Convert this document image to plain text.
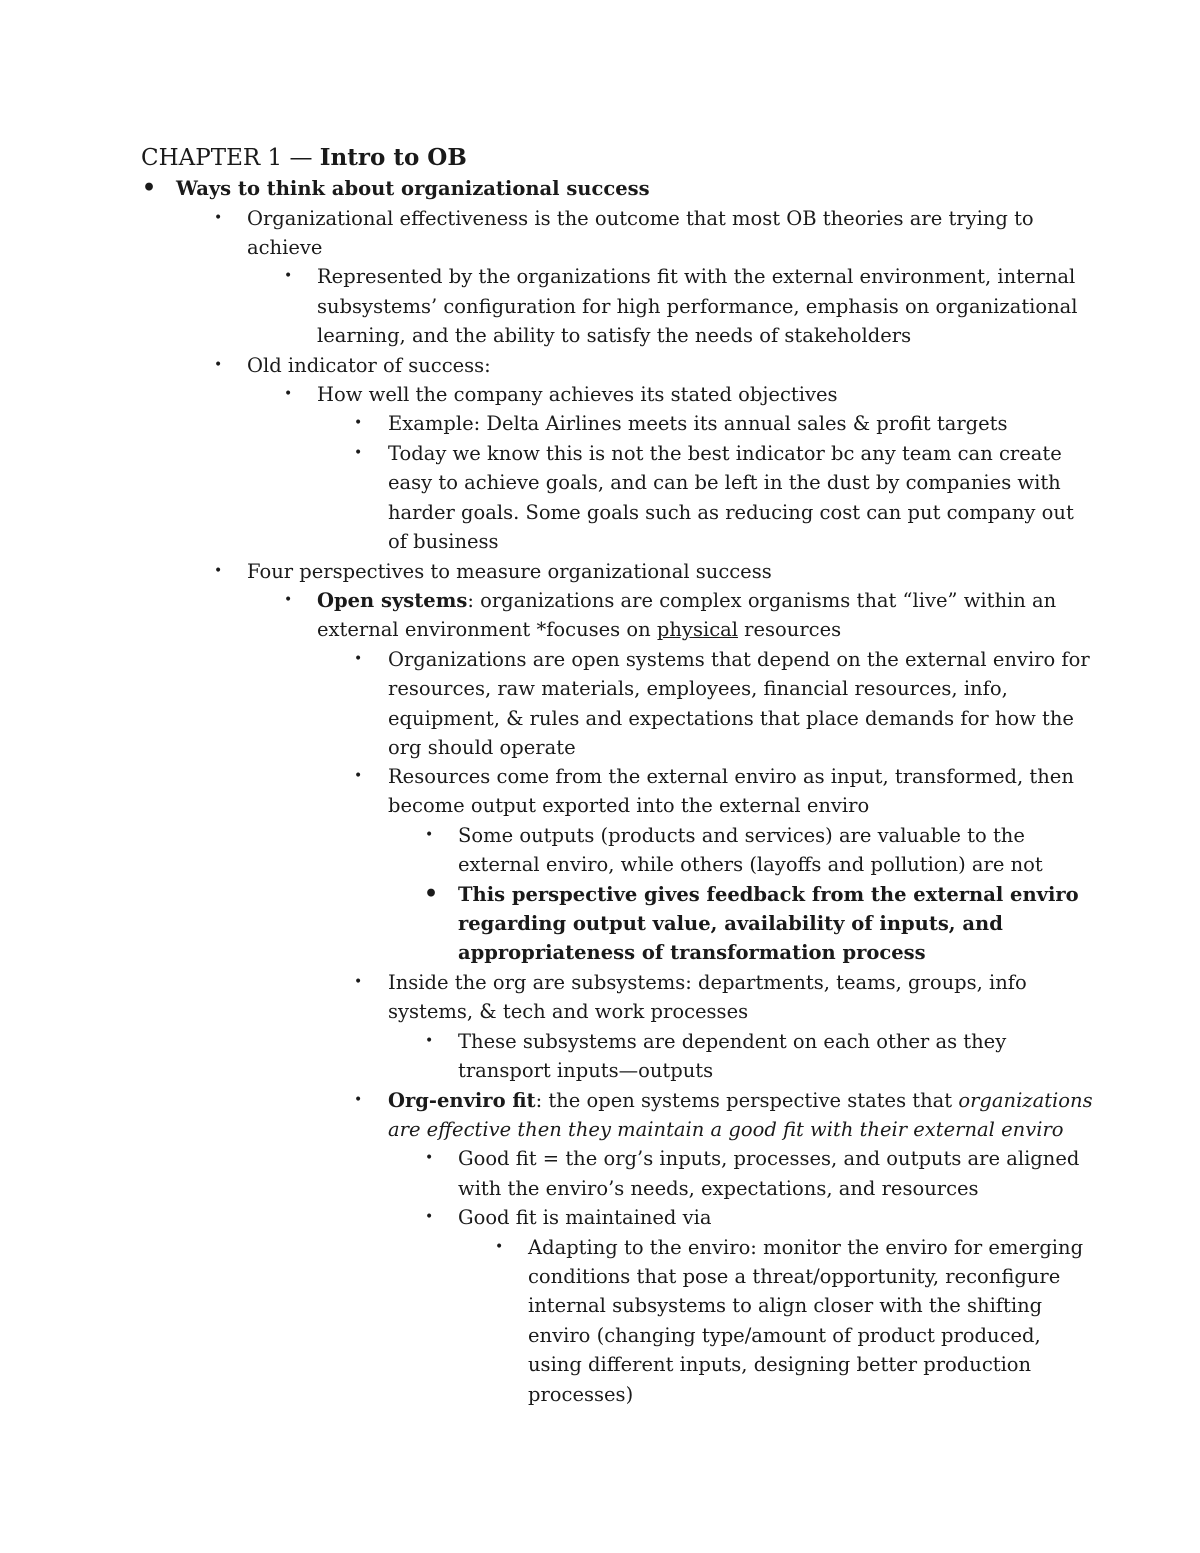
CHAPTER 1 — Intro to OB
•	Ways to think about organizational success
•	Organizational effectiveness is the outcome that most OB theories are trying to
achieve
•	Represented by the organizations fit with the external environment, internal
subsystems’ configuration for high performance, emphasis on organizational
learning, and the ability to satisfy the needs of stakeholders
•	Old indicator of success:
•	How well the company achieves its stated objectives
•	Example: Delta Airlines meets its annual sales & profit targets
•	Today we know this is not the best indicator bc any team can create
easy to achieve goals, and can be left in the dust by companies with
harder goals. Some goals such as reducing cost can put company out
of business
•	Four perspectives to measure organizational success
•	Open systems: organizations are complex organisms that “live” within an
external environment *focuses on physical resources
•	Organizations are open systems that depend on the external enviro for
resources, raw materials, employees, financial resources, info,
equipment, & rules and expectations that place demands for how the
org should operate
•	Resources come from the external enviro as input, transformed, then
become output exported into the external enviro
•	Some outputs (products and services) are valuable to the
external enviro, while others (layoffs and pollution) are not
•	This perspective gives feedback from the external enviro
regarding output value, availability of inputs, and
appropriateness of transformation process
•	Inside the org are subsystems: departments, teams, groups, info
systems, & tech and work processes
•	These subsystems are dependent on each other as they
transport inputs—outputs
•	Org-enviro fit: the open systems perspective states that organizations
are effective then they maintain a good fit with their external enviro
•	Good fit = the org’s inputs, processes, and outputs are aligned
with the enviro’s needs, expectations, and resources
•	Good fit is maintained via
•	Adapting to the enviro: monitor the enviro for emerging
conditions that pose a threat/opportunity, reconfigure
internal subsystems to align closer with the shifting
enviro (changing type/amount of product produced,
using different inputs, designing better production
processes)
